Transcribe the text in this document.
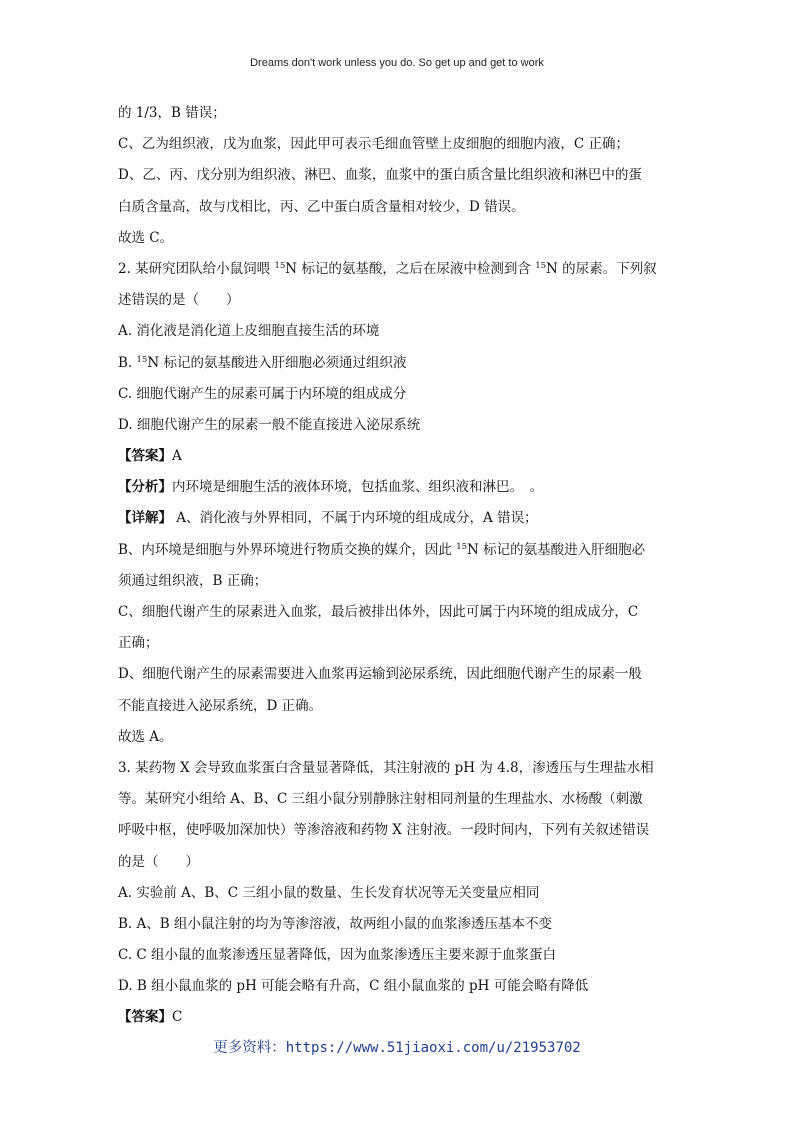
Dreams don't work unless you do. So get up and get to work
的 1/3，B 错误；
C、乙为组织液，戊为血浆，因此甲可表示毛细血管壁上皮细胞的细胞内液，C 正确；
D、乙、丙、戊分别为组织液、淋巴、血浆，血浆中的蛋白质含量比组织液和淋巴中的蛋
白质含量高，故与戊相比，丙、乙中蛋白质含量相对较少，D 错误。
故选 C。
2. 某研究团队给小鼠饲喂 $^{15}$N 标记的氨基酸，之后在尿液中检测到含 $^{15}$N 的尿素。下列叙
述错误的是（　　）
A. 消化液是消化道上皮细胞直接生活的环境
B. $^{15}$N 标记的氨基酸进入肝细胞必须通过组织液
C. 细胞代谢产生的尿素可属于内环境的组成成分
D. 细胞代谢产生的尿素一般不能直接进入泌尿系统
【答案】A
【分析】内环境是细胞生活的液体环境，包括血浆、组织液和淋巴。　。
【详解】 A、消化液与外界相同，不属于内环境的组成成分，A 错误；
B、内环境是细胞与外界环境进行物质交换的媒介，因此 $^{15}$N 标记的氨基酸进入肝细胞必
须通过组织液，B 正确；
C、细胞代谢产生的尿素进入血浆，最后被排出体外，因此可属于内环境的组成成分，C
正确；
D、细胞代谢产生的尿素需要进入血浆再运输到泌尿系统，因此细胞代谢产生的尿素一般
不能直接进入泌尿系统，D 正确。
故选 A。
3. 某药物 X 会导致血浆蛋白含量显著降低，其注射液的 pH 为 4.8，渗透压与生理盐水相
等。某研究小组给 A、B、C 三组小鼠分别静脉注射相同剂量的生理盐水、水杨酸（刺激
呼吸中枢，使呼吸加深加快）等渗溶液和药物 X 注射液。一段时间内，下列有关叙述错误
的是（　　）
A. 实验前 A、B、C 三组小鼠的数量、生长发育状况等无关变量应相同
B. A、B 组小鼠注射的均为等渗溶液，故两组小鼠的血浆渗透压基本不变
C. C 组小鼠的血浆渗透压显著降低，因为血浆渗透压主要来源于血浆蛋白
D. B 组小鼠血浆的 pH 可能会略有升高，C 组小鼠血浆的 pH 可能会略有降低
【答案】C
更多资料：https://www.51jiaoxi.com/u/21953702
